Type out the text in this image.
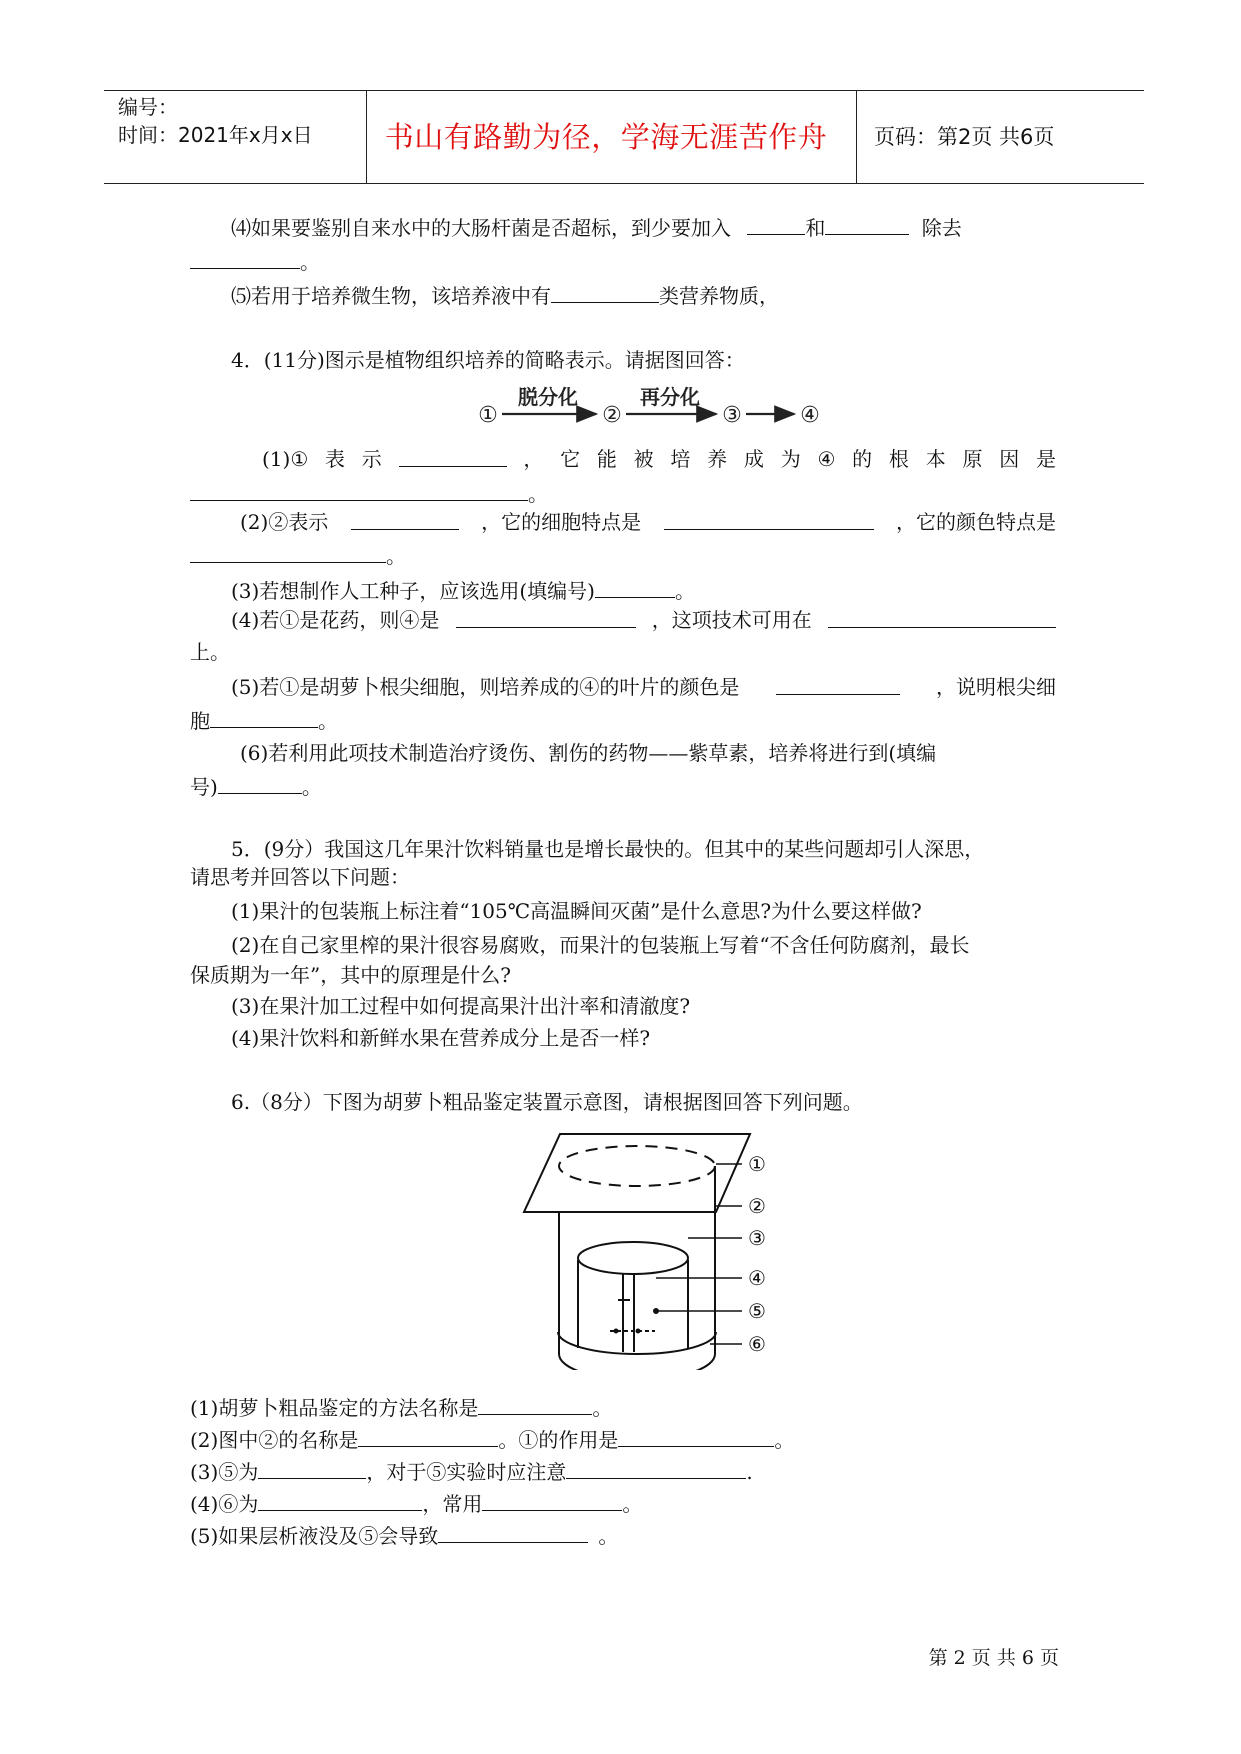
编号：
时间：2021年x月x日	书山有路勤为径，学海无涯苦作舟	页码：第2页 共6页
⑷如果要鉴别自来水中的大肠杆菌是否超标，到少要加入	和	除去
。
⑸若用于培养微生物，该培养液中有	类营养物质，
4．(11分)图示是植物组织培养的简略表示。请据图回答：
①	②	③	④
脱分化	再分化
(1)① 表 示	， 它 能 被 培 养 成 为 ④ 的 根 本 原 因 是
。
(2)②表示	，它的细胞特点是	，它的颜色特点是
。
(3)若想制作人工种子，应该选用(填编号)	。
(4)若①是花药，则④是	，这项技术可用在
上。
(5)若①是胡萝卜根尖细胞，则培养成的④的叶片的颜色是	，说明根尖细
胞	。
(6)若利用此项技术制造治疗烫伤、割伤的药物——紫草素，培养将进行到(填编
号)	。
5．(9分）我国这几年果汁饮料销量也是增长最快的。但其中的某些问题却引人深思，
请思考并回答以下问题：
(1)果汁的包装瓶上标注着“105℃高温瞬间灭菌”是什么意思?为什么要这样做?
(2)在自己家里榨的果汁很容易腐败，而果汁的包装瓶上写着“不含任何防腐剂，最长
保质期为一年”，其中的原理是什么?
(3)在果汁加工过程中如何提高果汁出汁率和清澈度?
(4)果汁饮料和新鲜水果在营养成分上是否一样?
6.（8分）下图为胡萝卜粗品鉴定装置示意图，请根据图回答下列问题。
①
②
③
④
⑤
⑥
(1)胡萝卜粗品鉴定的方法名称是	。
(2)图中②的名称是	。①的作用是	。
(3)⑤为	，对于⑤实验时应注意	.
(4)⑥为	，常用	。
(5)如果层析液没及⑤会导致	。
第 2 页 共 6 页
